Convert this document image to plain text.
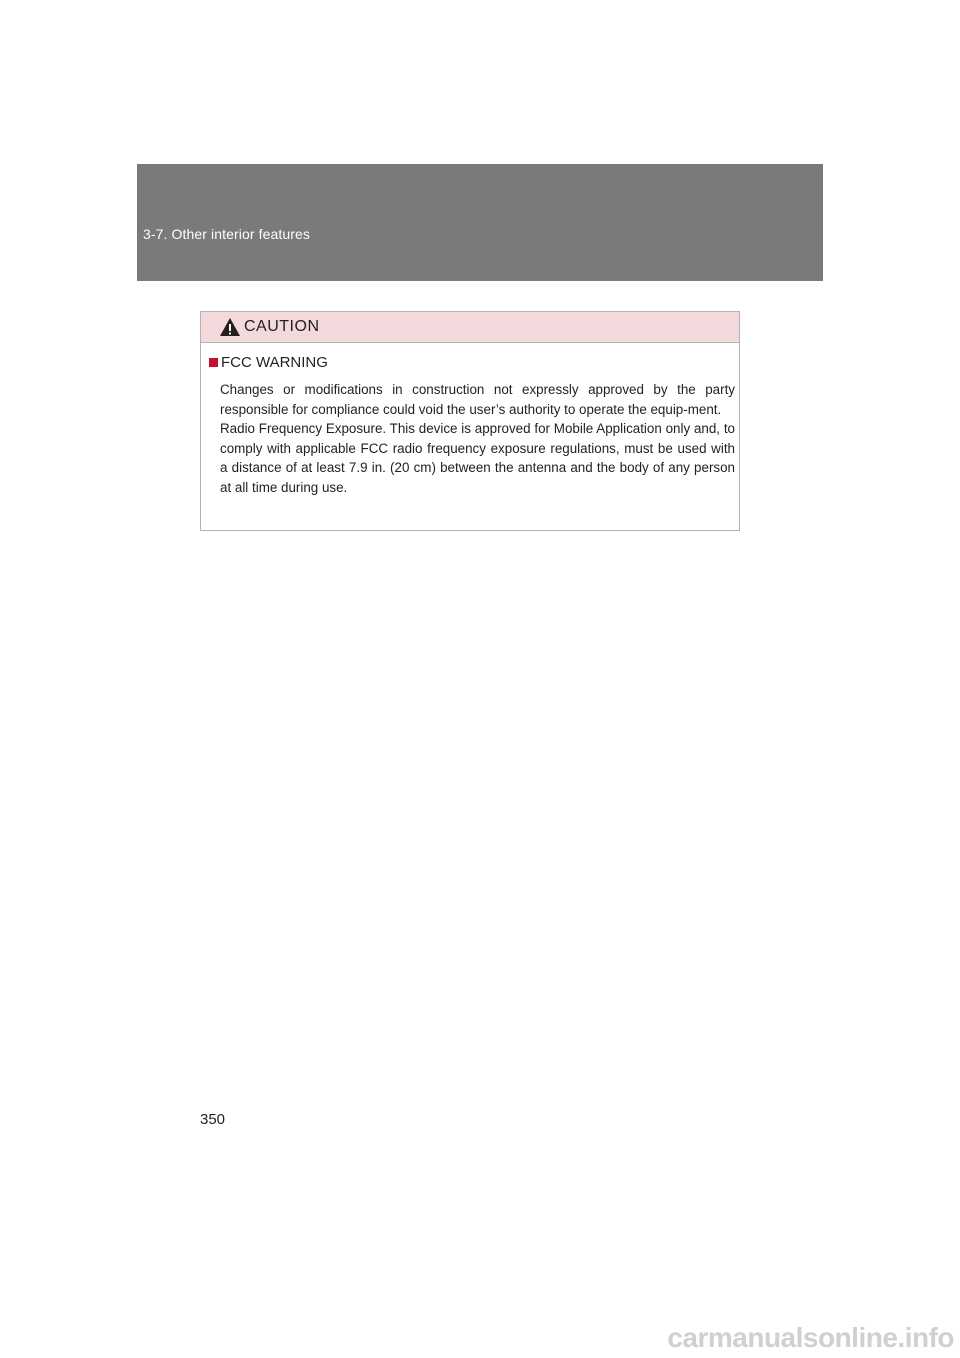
3-7. Other interior features
CAUTION
FCC WARNING

Changes or modifications in construction not expressly approved by the party responsible for compliance could void the user’s authority to operate the equip-ment.

Radio Frequency Exposure. This device is approved for Mobile Application only and, to comply with applicable FCC radio frequency exposure regulations, must be used with a distance of at least 7.9 in. (20 cm) between the antenna and the body of any person at all time during use.

350
carmanualsonline.info
